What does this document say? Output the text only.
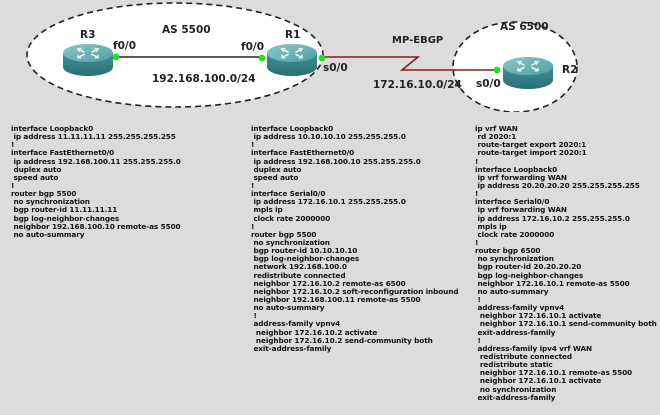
AS 5500	AS 6500
MP-EBGP
R3
f0/0
R1
f0/0
s0/0	R2
s0/0
192.168.100.0/24	172.16.10.0/24
interface Loopback0
ip address 11.11.11.11 255.255.255.255
!
interface FastEthernet0/0
ip address 192.168.100.11 255.255.255.0
duplex auto
speed auto
!
router bgp 5500
no synchronization
bgp router-id 11.11.11.11
bgp log-neighbor-changes
neighbor 192.168.100.10 remote-as 5500
no auto-summary
interface Loopback0
ip address 10.10.10.10 255.255.255.0
!
interface FastEthernet0/0
ip address 192.168.100.10 255.255.255.0
duplex auto
speed auto
!
interface Serial0/0
ip address 172.16.10.1 255.255.255.0
mpls ip
clock rate 2000000
!
router bgp 5500
no synchronization
bgp router-id 10.10.10.10
bgp log-neighbor-changes
network 192.168.100.0
redistribute connected
neighbor 172.16.10.2 remote-as 6500
neighbor 172.16.10.2 soft-reconfiguration inbound
neighbor 192.168.100.11 remote-as 5500
no auto-summary
!
address-family vpnv4
neighbor 172.16.10.2 activate
neighbor 172.16.10.2 send-community both
exit-address-family
ip vrf WAN
rd 2020:1
route-target export 2020:1
route-target import 2020:1
!
interface Loopback0
ip vrf forwarding WAN
ip address 20.20.20.20 255.255.255.255
!
interface Serial0/0
ip vrf forwarding WAN
ip address 172.16.10.2 255.255.255.0
mpls ip
clock rate 2000000
!
router bgp 6500
no synchronization
bgp router-id 20.20.20.20
bgp log-neighbor-changes
neighbor 172.16.10.1 remote-as 5500
no auto-summary
!
address-family vpnv4
neighbor 172.16.10.1 activate
neighbor 172.16.10.1 send-community both
exit-address-family
!
address-family ipv4 vrf WAN
redistribute connected
redistribute static
neighbor 172.16.10.1 remote-as 5500
neighbor 172.16.10.1 activate
no synchronization
exit-address-family
